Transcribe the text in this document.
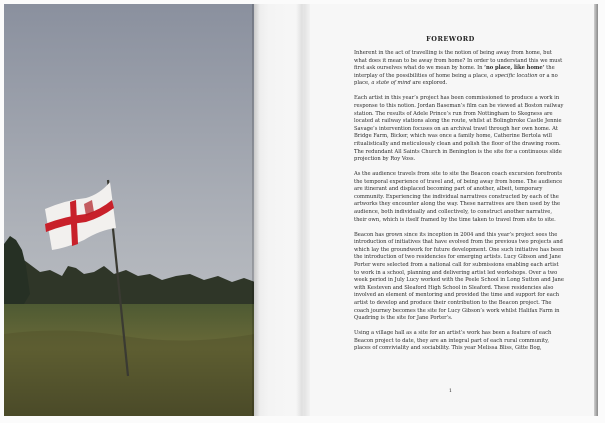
FOREWORD

Inherent in the act of travelling is the notion of being away from home, but what does it mean to be away from home? In order to understand this we must first ask ourselves what do we mean by home. In ‘no place, like home’ the interplay of the possibilities of home being a place, a specific location or a no place, a state of mind are explored.

Each artist in this year’s project has been commissioned to produce a work in response to this notion. Jordan Baseman’s film can be viewed at Boston railway station. The results of Adele Prince’s run from Nottingham to Skegness are located at railway stations along the route, whilst at Bolingbroke Castle Jennie Savage’s intervention focuses on an archival trawl through her own home. At Bridge Farm, Bicker, which was once a family home, Catherine Bertola will ritualistically and meticulously clean and polish the floor of the drawing room. The redundant All Saints Church in Benington is the site for a continuous slide projection by Roy Voss.

As the audience travels from site to site the Beacon coach excursion forefronts the temporal experience of travel and, of being away from home. The audience are itinerant and displaced becoming part of another, albeit, temporary community. Experiencing the individual narratives constructed by each of the artworks they encounter along the way. These narratives are then used by the audience, both individually and collectively, to construct another narrative, their own, which is itself framed by the time taken to travel from site to site.

Beacon has grown since its inception in 2004 and this year’s project sees the introduction of initiatives that have evolved from the previous two projects and which lay the groundwork for future development. One such initiative has been the introduction of two residencies for emerging artists. Lucy Gibson and Jane Porter were selected from a national call for submissions enabling each artist to work in a school, planning and delivering artist led workshops. Over a two week period in July Lucy worked with the Peele School in Long Sutton and Jane with Kesteven and Sleaford High School in Sleaford. These residencies also involved an element of mentoring and provided the time and support for each artist to develop and produce their contribution to the Beacon project. The coach journey becomes the site for Lucy Gibson’s work whilst Halifax Farm in Quadring is the site for Jane Porter’s.

Using a village hall as a site for an artist’s work has been a feature of each Beacon project to date, they are an integral part of each rural community, places of conviviality and sociability. This year Melissa Bliss, Gitte Bog,

1
